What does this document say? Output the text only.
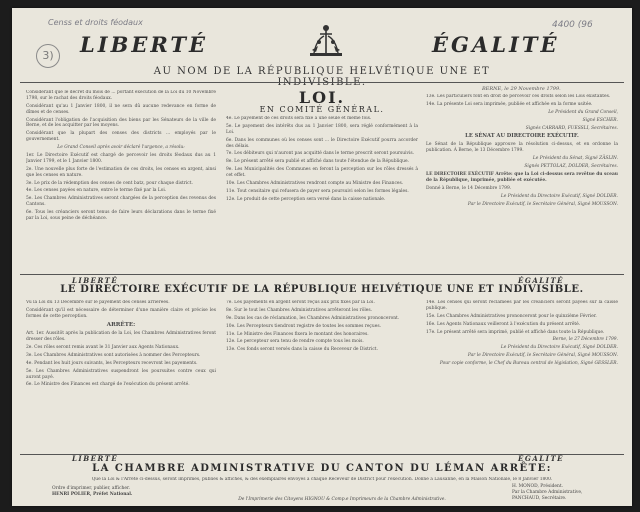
Censs et droits féodaux	4400 (96
3)	LIBERTÉ	ÉGALITÉ
AU NOM DE LA RÉPUBLIQUE HELVÉTIQUE UNE ET
BERNE, le 29 Novembre 1799.
LOI.
EN COMITÉ GÉNÉRAL.

Considérant que le décret du mois de ... portant exécution de la Loi du 10 Novembre 1798, sur le rachat des droits féodaux.

Considérant qu'au 1 Janvier 1800, il ne sera dû aucune redevance en forme de dîmes et de censes.

Considérant l'obligation de l'acquisition des biens par les Sénateurs de la ville de Berne, et de les acquitter par les moyens.

Considérant que la plupart des censes des districts ... employés par le gouvernement.

Le Grand Conseil après avoir déclaré l'urgence, a résolu:

1er. Le Directoire Exécutif est chargé de percevoir les droits féodaux dus au 1 Janvier 1799, et le 1 Janvier 1800.

2e. Une nouvelle plus forte de l'estimation de ces droits, les censes en argent, ainsi que les censes en nature.

3e. Le prix de la rédemption des censes de cent batz, pour chaque district.

4e. Les censes payées en nature, entre le terme fixé par la Loi.

5e. Les Chambres Administratives seront chargées de la perception des revenus des Cantons.

6e. Tous les créanciers seront tenus de faire leurs déclarations dans le terme fixé par la Loi, sous peine de déchéance.

4e. Le payement de ces droits sera fixé à une seule et même fois.

5e. Le payement des intérêts dus au 1 Janvier 1800, sera réglé conformément à la Loi.

6e. Dans les communes où les censes sont ... le Directoire Exécutif pourra accorder des délais.

7e. Les débiteurs qui n'auront pas acquitté dans le terme prescrit seront poursuivis.

8e. Le présent arrêté sera publié et affiché dans toute l'étendue de la République.

9e. Les Municipalités des Communes en feront la perception sur les rôles dressés à cet effet.

10e. Les Chambres Administratives rendront compte au Ministre des Finances.

11e. Tout censitaire qui refusera de payer sera poursuivi selon les formes légales.

12e. Le produit de cette perception sera versé dans la caisse nationale.

13e. Les particuliers font en droit de percevoir ces droits selon les Lois existantes.

14e. La présente Loi sera imprimée, publiée et affichée en la forme usitée.

Le Président du Grand Conseil,

Signé ESCHER.

Signés CARRARD, FUESSLI, Secrétaires.

LE SÉNAT AU DIRECTOIRE EXÉCUTIF.

Le Sénat de la République approuve la résolution ci-dessus, et en ordonne la publication. À Berne, le 13 Décembre 1799.

Le Président du Sénat, Signé ZÄSLIN.

Signés PETTOLAZ, DOLDER, Secrétaires.

LE DIRECTOIRE EXÉCUTIF Arrête: que la Loi ci-dessus sera revêtue du sceau de la République, imprimée, publiée et exécutée.

Donné à Berne, le 14 Décembre 1799.

Le Président du Directoire Exécutif, Signé DOLDER.

Par le Directoire Exécutif, le Secrétaire Général, Signé MOUSSON.

LIBERTÉ	ÉGALITÉ
LE DIRECTOIRE EXÉCUTIF DE LA RÉPUBLIQUE HELVÉTIQUE UNE ET INDIVISIBLE.

Vu la Loi du 13 Décembre sur le payement des censes arriérées.

Considérant qu'il est nécessaire de déterminer d'une manière claire et précise les formes de cette perception.

ARRÊTE:

Art. 1er. Aussitôt après la publication de la Loi, les Chambres Administratives feront dresser des rôles.

2e. Ces rôles seront remis avant le 31 Janvier aux Agents Nationaux.

3e. Les Chambres Administratives sont autorisées à nommer des Percepteurs.

4e. Pendant les huit jours suivants, les Percepteurs recevront les payements.

5e. Les Chambres Administratives suspendront les poursuites contre ceux qui auront payé.

6e. Le Ministre des Finances est chargé de l'exécution du présent arrêté.

7e. Les payements en argent seront reçus aux prix fixés par la Loi.

8e. Sur le tout les Chambres Administratives arrêteront les rôles.

9e. Dans les cas de réclamation, les Chambres Administratives prononceront.

10e. Les Percepteurs tiendront registre de toutes les sommes reçues.

11e. Le Ministre des Finances fixera le montant des honoraires.

12e. Le percepteur sera tenu de rendre compte tous les mois.

13e. Ces fonds seront versés dans la caisse du Receveur de District.

14e. Les censes qui seront réclamées par les créanciers seront payées sur la caisse publique.

15e. Les Chambres Administratives prononceront pour le quinzième Février.

16e. Les Agents Nationaux veilleront à l'exécution du présent arrêté.

17e. Le présent arrêté sera imprimé, publié et affiché dans toute la République.

Berne, le 27 Décembre 1799.

Le Président du Directoire Exécutif, Signé DOLDER.

Par le Directoire Exécutif, le Secrétaire Général, Signé MOUSSON.

Pour copie conforme, le Chef du Bureau central de législation, Signé GESSLER.

LIBERTÉ	ÉGALITÉ
LA CHAMBRE ADMINISTRATIVE DU CANTON DU LÉMAN ARRÊTE:
Que la Loi & l'Arrêté ci-dessus, seront imprimés, publiés & affichés, & des exemplaires envoyés à chaque Receveur de District pour l'exécution. Donné à Lausanne, en la Maison Nationale, le 8 Janvier 1800.
Ordre d'imprimer, publier, afficher.
HENRI POLIER, Préfet National.
H. MONOD, Président.
Par la Chambre Administrative,
PANCHAUD, Secrétaire.
De l'Imprimerie des Citoyens HIGNOU & Comp.e Imprimeurs de la Chambre Administrative.
